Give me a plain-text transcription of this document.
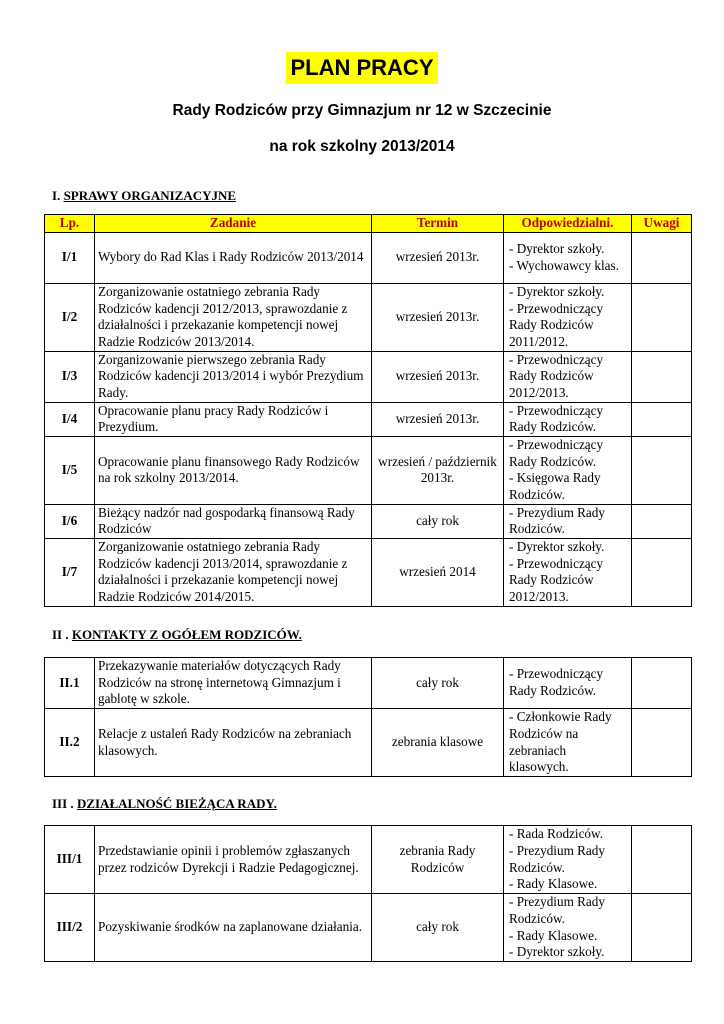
PLAN PRACY
Rady Rodziców przy Gimnazjum nr 12 w Szczecinie
na rok szkolny 2013/2014
I. SPRAWY ORGANIZACYJNE
Lp.	Zadanie	Termin	Odpowiedzialni.	Uwagi
I/1	Wybory do Rad Klas i Rady Rodziców 2013/2014	wrzesień 2013r.	- Dyrektor szkoły.
- Wychowawcy klas.	

I/2	Zorganizowanie ostatniego zebrania Rady Rodziców kadencji 2012/2013, sprawozdanie z działalności i przekazanie kompetencji nowej Radzie Rodziców 2013/2014.	wrzesień 2013r.	- Dyrektor szkoły.
- Przewodniczący Rady Rodziców 2011/2012.	

I/3	Zorganizowanie pierwszego zebrania Rady Rodziców kadencji 2013/2014 i wybór Prezydium Rady.	wrzesień 2013r.	- Przewodniczący Rady Rodziców 2012/2013.	

I/4	Opracowanie planu pracy Rady Rodziców i Prezydium.	wrzesień 2013r.	- Przewodniczący Rady Rodziców.	

I/5	Opracowanie planu finansowego Rady Rodziców na rok szkolny 2013/2014.	wrzesień / październik 2013r.	- Przewodniczący Rady Rodziców.
- Księgowa Rady Rodziców.	

I/6	Bieżący nadzór nad gospodarką finansową Rady Rodziców	cały rok	- Prezydium Rady Rodziców.	

I/7	Zorganizowanie ostatniego zebrania Rady Rodziców kadencji 2013/2014, sprawozdanie z działalności i przekazanie kompetencji nowej Radzie Rodziców 2014/2015.	wrzesień 2014	- Dyrektor szkoły.
- Przewodniczący Rady Rodziców 2012/2013.	

II . KONTAKTY Z OGÓŁEM RODZICÓW.
II.1	Przekazywanie materiałów dotyczących Rady Rodziców na stronę internetową Gimnazjum i gablotę w szkole.	cały rok	- Przewodniczący Rady Rodziców.	

II.2	Relacje z ustaleń Rady Rodziców na zebraniach klasowych.	zebrania klasowe	- Członkowie Rady Rodziców na zebraniach klasowych.	

III . DZIAŁALNOŚĆ BIEŻĄCA RADY.
III/1	Przedstawianie opinii i problemów zgłaszanych przez rodziców Dyrekcji i Radzie Pedagogicznej.	zebrania Rady Rodziców	- Rada Rodziców.
- Prezydium Rady Rodziców.
- Rady Klasowe.	

III/2	Pozyskiwanie środków na zaplanowane działania.	cały rok	- Prezydium Rady Rodziców.
- Rady Klasowe.
- Dyrektor szkoły.	
